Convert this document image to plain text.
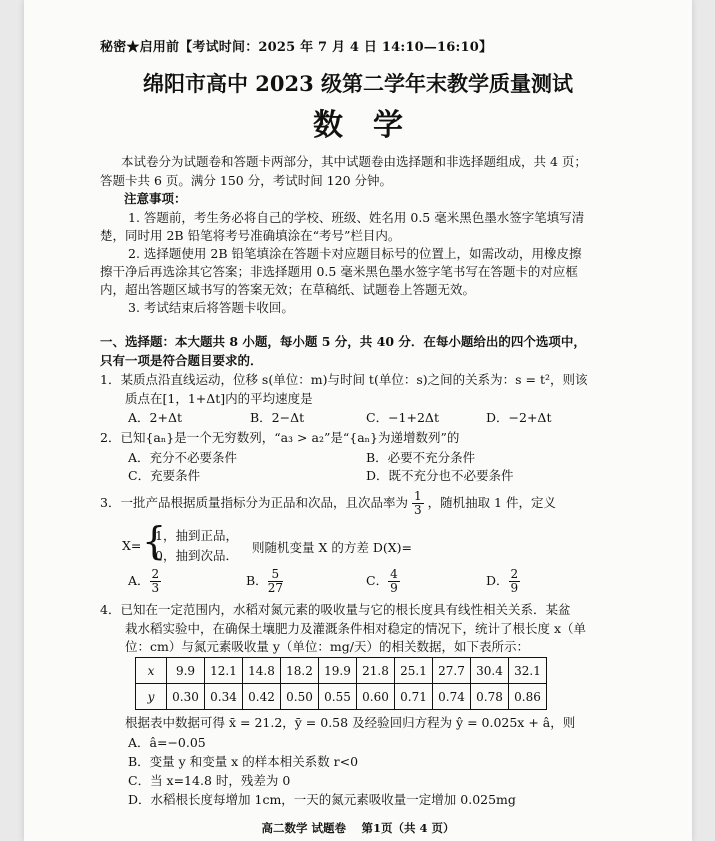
秘密★启用前【考试时间：2025 年 7 月 4 日 14:10—16:10】
绵阳市高中 2023 级第二学年末教学质量测试
数学
本试卷分为试题卷和答题卡两部分，其中试题卷由选择题和非选择题组成，共 4 页；
答题卡共 6 页。满分 150 分，考试时间 120 分钟。
注意事项：
1. 答题前，考生务必将自己的学校、班级、姓名用 0.5 毫米黑色墨水签字笔填写清
楚，同时用 2B 铅笔将考号准确填涂在“考号”栏目内。
2. 选择题使用 2B 铅笔填涂在答题卡对应题目标号的位置上，如需改动，用橡皮擦
擦干净后再选涂其它答案；非选择题用 0.5 毫米黑色墨水签字笔书写在答题卡的对应框
内，超出答题区域书写的答案无效；在草稿纸、试题卷上答题无效。
3. 考试结束后将答题卡收回。
一、选择题：本大题共 8 小题，每小题 5 分，共 40 分．在每小题给出的四个选项中，
只有一项是符合题目要求的．
1．某质点沿直线运动，位移 s(单位：m)与时间 t(单位：s)之间的关系为：s = t²，则该
质点在[1，1+Δt]内的平均速度是
A．2+Δt	B．2−Δt	C．−1+2Δt	D．−2+Δt
2．已知{aₙ}是一个无穷数列，“a₃ > a₂”是“{aₙ}为递增数列”的
A．充分不必要条件	B．必要不充分条件
C．充要条件	D．既不充分也不必要条件
3．一批产品根据质量指标分为正品和次品，且次品率为 $\frac{1}{3}$ ，随机抽取 1 件，定义
X= {
1，抽到正品，
0，抽到次品．
则随机变量 X 的方差 D(X)=
A． $\frac{2}{3}$	B． $\frac{5}{27}$	C． $\frac{4}{9}$	D． $\frac{2}{9}$
4．已知在一定范围内，水稻对氮元素的吸收量与它的根长度具有线性相关关系．某盆
栽水稻实验中，在确保土壤肥力及灌溉条件相对稳定的情况下，统计了根长度 x（单
位：cm）与氮元素吸收量 y（单位：mg/天）的相关数据，如下表所示：
x	9.9	12.1	14.8	18.2	19.9	21.8	25.1	27.7	30.4	32.1
y	0.30	0.34	0.42	0.50	0.55	0.60	0.71	0.74	0.78	0.86
根据表中数据可得 x̄ = 21.2，ȳ = 0.58 及经验回归方程为 ŷ = 0.025x + â，则
A．â=−0.05
B．变量 y 和变量 x 的样本相关系数 r<0
C．当 x=14.8 时，残差为 0
D．水稻根长度每增加 1cm，一天的氮元素吸收量一定增加 0.025mg
高二数学 试题卷　 第1页（共 4 页）
